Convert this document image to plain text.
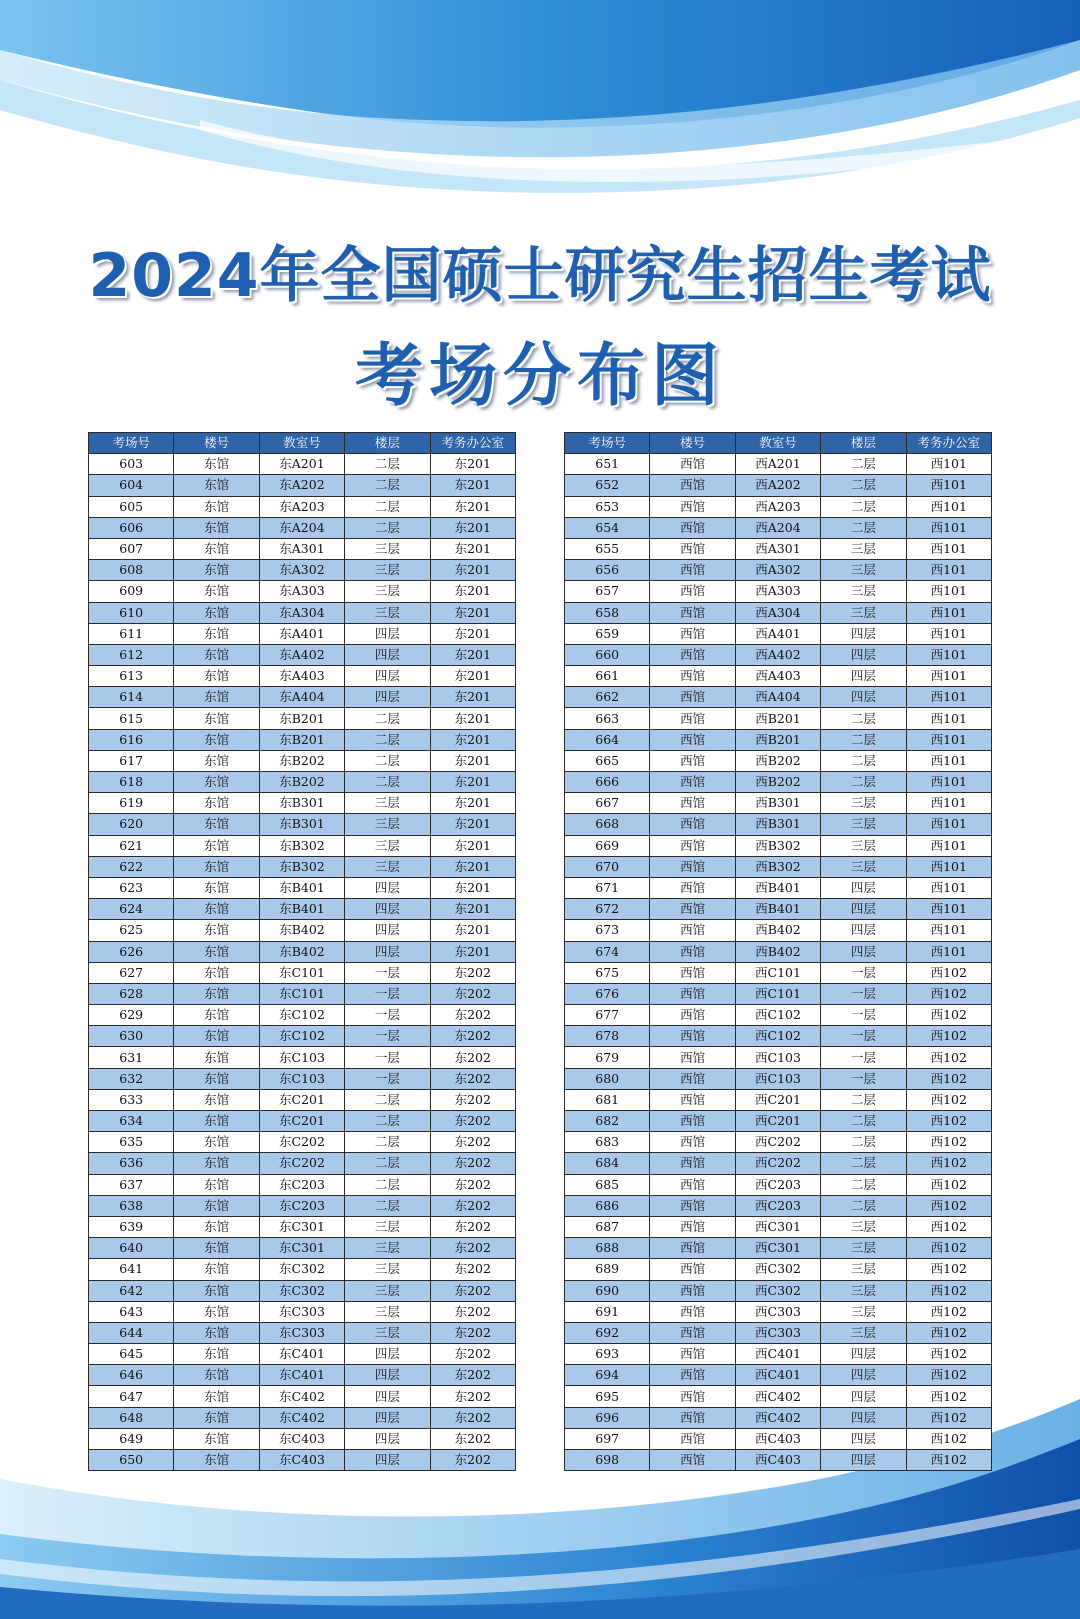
2024年全国硕士研究生招生考试
考场分布图
考场号	楼号	教室号	楼层	考务办公室
603	东馆	东A201	二层	东201
604	东馆	东A202	二层	东201
605	东馆	东A203	二层	东201
606	东馆	东A204	二层	东201
607	东馆	东A301	三层	东201
608	东馆	东A302	三层	东201
609	东馆	东A303	三层	东201
610	东馆	东A304	三层	东201
611	东馆	东A401	四层	东201
612	东馆	东A402	四层	东201
613	东馆	东A403	四层	东201
614	东馆	东A404	四层	东201
615	东馆	东B201	二层	东201
616	东馆	东B201	二层	东201
617	东馆	东B202	二层	东201
618	东馆	东B202	二层	东201
619	东馆	东B301	三层	东201
620	东馆	东B301	三层	东201
621	东馆	东B302	三层	东201
622	东馆	东B302	三层	东201
623	东馆	东B401	四层	东201
624	东馆	东B401	四层	东201
625	东馆	东B402	四层	东201
626	东馆	东B402	四层	东201
627	东馆	东C101	一层	东202
628	东馆	东C101	一层	东202
629	东馆	东C102	一层	东202
630	东馆	东C102	一层	东202
631	东馆	东C103	一层	东202
632	东馆	东C103	一层	东202
633	东馆	东C201	二层	东202
634	东馆	东C201	二层	东202
635	东馆	东C202	二层	东202
636	东馆	东C202	二层	东202
637	东馆	东C203	二层	东202
638	东馆	东C203	二层	东202
639	东馆	东C301	三层	东202
640	东馆	东C301	三层	东202
641	东馆	东C302	三层	东202
642	东馆	东C302	三层	东202
643	东馆	东C303	三层	东202
644	东馆	东C303	三层	东202
645	东馆	东C401	四层	东202
646	东馆	东C401	四层	东202
647	东馆	东C402	四层	东202
648	东馆	东C402	四层	东202
649	东馆	东C403	四层	东202
650	东馆	东C403	四层	东202
考场号	楼号	教室号	楼层	考务办公室
651	西馆	西A201	二层	西101
652	西馆	西A202	二层	西101
653	西馆	西A203	二层	西101
654	西馆	西A204	二层	西101
655	西馆	西A301	三层	西101
656	西馆	西A302	三层	西101
657	西馆	西A303	三层	西101
658	西馆	西A304	三层	西101
659	西馆	西A401	四层	西101
660	西馆	西A402	四层	西101
661	西馆	西A403	四层	西101
662	西馆	西A404	四层	西101
663	西馆	西B201	二层	西101
664	西馆	西B201	二层	西101
665	西馆	西B202	二层	西101
666	西馆	西B202	二层	西101
667	西馆	西B301	三层	西101
668	西馆	西B301	三层	西101
669	西馆	西B302	三层	西101
670	西馆	西B302	三层	西101
671	西馆	西B401	四层	西101
672	西馆	西B401	四层	西101
673	西馆	西B402	四层	西101
674	西馆	西B402	四层	西101
675	西馆	西C101	一层	西102
676	西馆	西C101	一层	西102
677	西馆	西C102	一层	西102
678	西馆	西C102	一层	西102
679	西馆	西C103	一层	西102
680	西馆	西C103	一层	西102
681	西馆	西C201	二层	西102
682	西馆	西C201	二层	西102
683	西馆	西C202	二层	西102
684	西馆	西C202	二层	西102
685	西馆	西C203	二层	西102
686	西馆	西C203	二层	西102
687	西馆	西C301	三层	西102
688	西馆	西C301	三层	西102
689	西馆	西C302	三层	西102
690	西馆	西C302	三层	西102
691	西馆	西C303	三层	西102
692	西馆	西C303	三层	西102
693	西馆	西C401	四层	西102
694	西馆	西C401	四层	西102
695	西馆	西C402	四层	西102
696	西馆	西C402	四层	西102
697	西馆	西C403	四层	西102
698	西馆	西C403	四层	西102
